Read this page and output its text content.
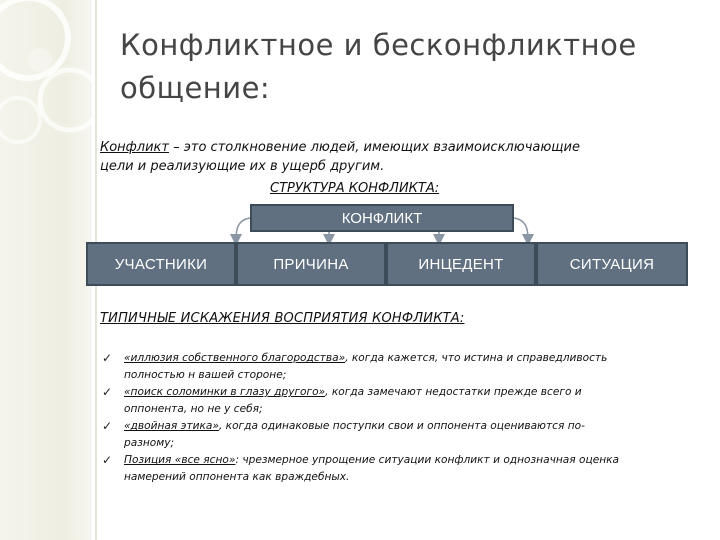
Конфликтное и бесконфликтное
общение:
Конфликт – это столкновение людей, имеющих взаимоисключающие
цели и реализующие их в ущерб другим.
СТРУКТУРА КОНФЛИКТА:
КОНФЛИКТ
УЧАСТНИКИ	ПРИЧИНА	ИНЦЕДЕНТ	СИТУАЦИЯ
ТИПИЧНЫЕ ИСКАЖЕНИЯ ВОСПРИЯТИЯ КОНФЛИКТА:
✓ «иллюзия собственного благородства», когда кажется, что истина и справедливость
полностью н вашей стороне;
✓ «поиск соломинки в глазу другого», когда замечают недостатки прежде всего и
оппонента, но не у себя;
✓ «двойная этика», когда одинаковые поступки свои и оппонента оцениваются по-
разному;
✓ Позиция «все ясно»: чрезмерное упрощение ситуации конфликт и однозначная оценка
намерений оппонента как враждебных.
